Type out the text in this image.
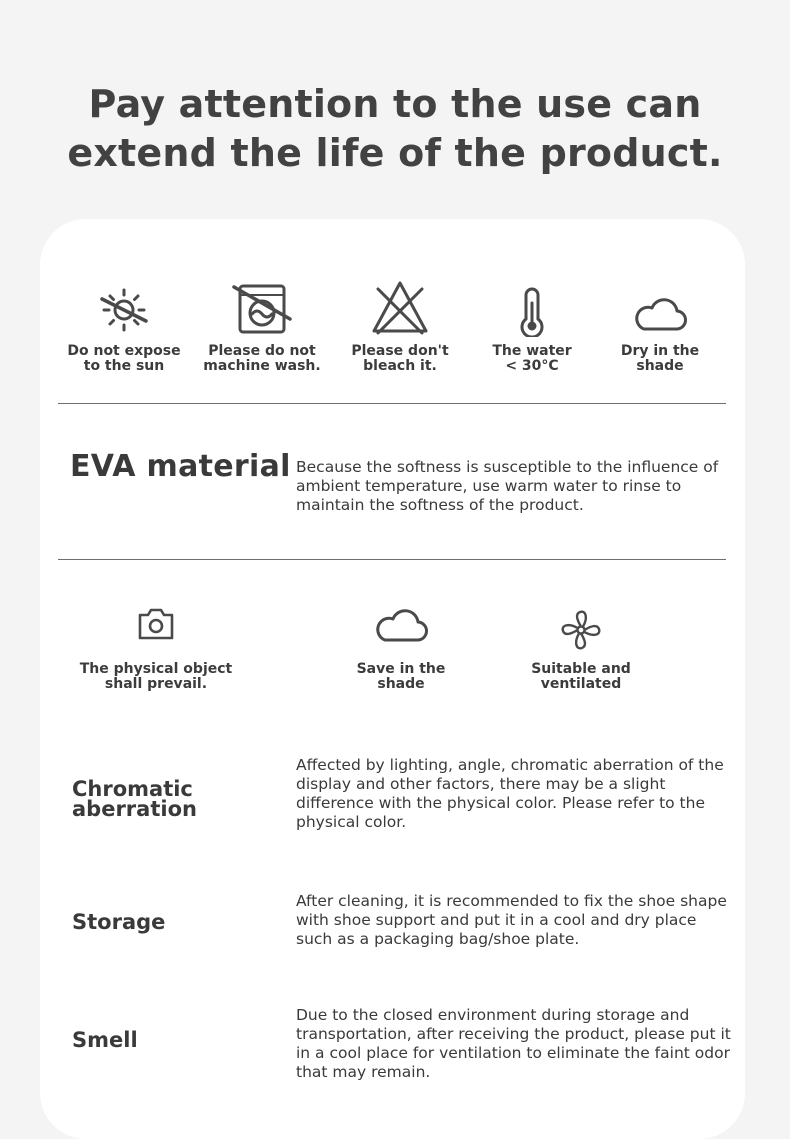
Pay attention to the use can
extend the life of the product.
Do not expose
to the sun
Please do not
machine wash.
Please don't
bleach it.
The water
< 30°C
Dry in the
shade
EVA material Because the softness is susceptible to the influence of ambient temperature, use warm water to rinse to maintain the softness of the product.
The physical object
shall prevail.
Save in the
shade
Suitable and
ventilated
Chromatic aberration
Affected by lighting, angle, chromatic aberration of the display and other factors, there may be a slight difference with the physical color. Please refer to the physical color.
Storage
After cleaning, it is recommended to fix the shoe shape with shoe support and put it in a cool and dry place such as a packaging bag/shoe plate.
Smell
Due to the closed environment during storage and transportation, after receiving the product, please put it in a cool place for ventilation to eliminate the faint odor that may remain.
